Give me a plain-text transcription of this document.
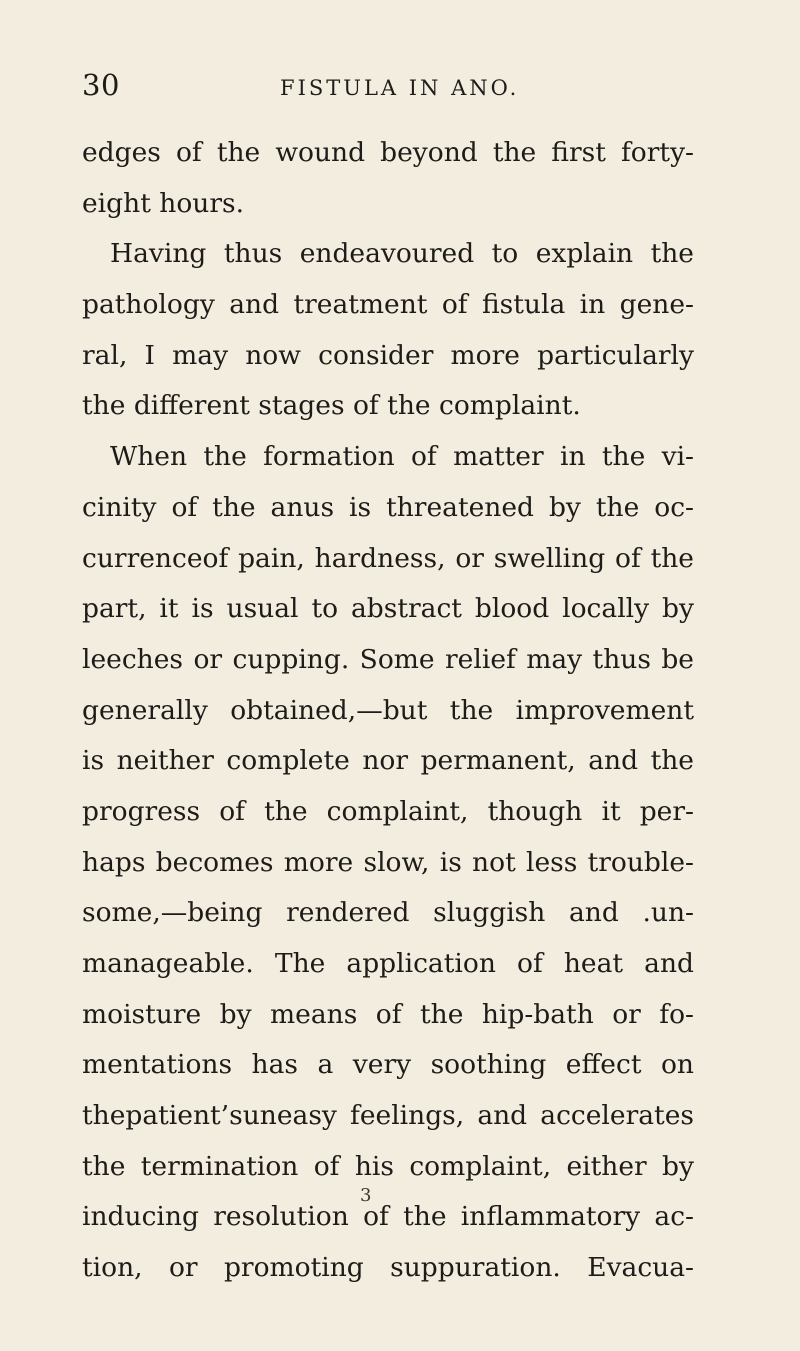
30	FISTULA IN ANO.
edges of the wound beyond the first forty-
eight hours.
Having thus endeavoured to explain the
pathology and treatment of fistula in gene-
ral, I may now consider more particularly
the different stages of the complaint.
When the formation of matter in the vi-
cinity of the anus is threatened by the oc-
currenceof pain, hardness, or swelling of the
part, it is usual to abstract blood locally by
leeches or cupping. Some relief may thus be
generally obtained,—but the improvement
is neither complete nor permanent, and the
progress of the complaint, though it per-
haps becomes more slow, is not less trouble-
some,—being rendered sluggish and .un-
manageable. The application of heat and
moisture by means of the hip-bath or fo-
mentations has a very soothing effect on
thepatient’suneasy feelings, and accelerates
the termination of his complaint, either by
inducing resolution of the inflammatory ac-
tion, or promoting suppuration. Evacua-
3
